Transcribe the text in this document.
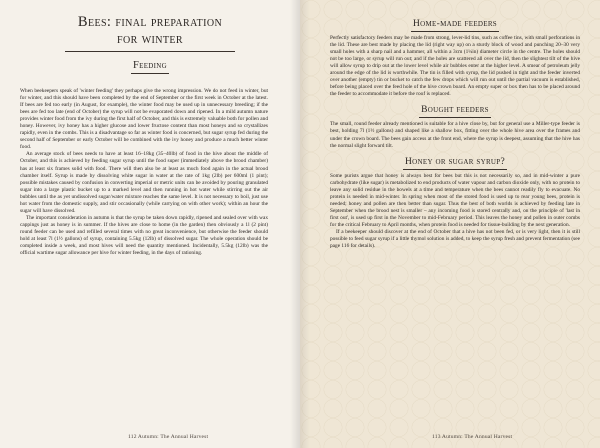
Bees: final preparation
for winter
Feeding

When beekeepers speak of 'winter feeding' they perhaps give the wrong impression. We do not feed in winter, but for winter, and this should have been completed by the end of September or the first week in October at the latest. If bees are fed too early (in August, for example), the winter food may be used up in unnecessary breeding; if the bees are fed too late (end of October) the syrup will not be evaporated down and ripened. In a mild autumn nature provides winter food from the ivy during the first half of October, and this is extremely valuable both for pollen and honey. However, ivy honey has a higher glucose and lower fructose content than most honeys and so crystallizes rapidly, even in the combs. This is a disadvantage so far as winter food is concerned, but sugar syrup fed during the second half of September or early October will be combined with the ivy honey and produce a much better winter food.

An average stock of bees needs to have at least 16–18kg (35–40lb) of food in the hive about the middle of October, and this is achieved by feeding sugar syrup until the food super (immediately above the brood chamber) has at least six frames solid with food. There will then also be at least as much food again in the actual brood chamber itself. Syrup is made by dissolving white sugar in water at the rate of 1kg (2lb) per 600ml (1 pint); possible mistakes caused by confusion in converting imperial or metric units can be avoided by pouring granulated sugar into a large plastic bucket up to a marked level and then running in hot water while stirring out the air bubbles until the as yet undissolved sugar/water mixture reaches the same level. It is not necessary to boil, just use hot water from the domestic supply, and stir occasionally (while carrying on with other work); within an hour the sugar will have dissolved.

The important consideration in autumn is that the syrup be taken down rapidly, ripened and sealed over with wax cappings just as honey is in summer. If the hives are close to home (in the garden) then obviously a 1l (2 pint) round feeder can be used and refilled several times with no great inconvenience, but otherwise the feeder should hold at least 7l (1½ gallons) of syrup, containing 5.5kg (12lb) of dissolved sugar. The whole operation should be completed inside a week, and most hives will need the quantity mentioned. Incidentally, 5.5kg (12lb) was the official wartime sugar allowance per hive for winter feeding, in the days of rationing.

112 Autumn: The Annual Harvest
Home-made feeders

Perfectly satisfactory feeders may be made from strong, lever-lid tins, such as coffee tins, with small perforations in the lid. These are best made by placing the lid (right way up) on a sturdy block of wood and punching 20–30 very small holes with a sharp nail and a hammer, all within a 3cm (1¼in) diameter circle in the centre. The holes should not be too large, or syrup will run out; and if the holes are scattered all over the lid, then the slightest tilt of the hive will allow syrup to drip out at the lower level while air bubbles enter at the higher level. A smear of petroleum jelly around the edge of the lid is worthwhile. The tin is filled with syrup, the lid pushed in tight and the feeder inverted over another (empty) tin or bucket to catch the few drops which will run out until the partial vacuum is established, before being placed over the feed hole of the hive crown board. An empty super or box then has to be placed around the feeder to accommodate it before the roof is replaced.

Bought feeders

The small, round feeder already mentioned is suitable for a hive close by, but for general use a Miller-type feeder is best, holding 7l (1½ gallons) and shaped like a shallow box, fitting over the whole hive area over the frames and under the crown board. The bees gain access at the front end, where the syrup is deepest, assuming that the hive has the normal slight forward tilt.

Honey or sugar syrup?

Some purists argue that honey is always best for bees but this is not necessarily so, and in mid-winter a pure carbohydrate (like sugar) is metabolized to end products of water vapour and carbon dioxide only, with no protein to leave any solid residue in the bowels at a time and temperature when the bees cannot readily fly to evacuate. No protein is needed in mid-winter. In spring when most of the stored food is used up to rear young bees, protein is needed; honey and pollen are then better than sugar. Thus the best of both worlds is achieved by feeding late in September when the brood nest is smaller – any incoming food is stored centrally and, on the principle of 'last in first out', is used up first in the November to mid-February period. This leaves the honey and pollen in outer combs for the critical February to April months, when protein food is needed for tissue-building by the next generation.

If a beekeeper should discover at the end of October that a hive has not been fed, or is very light, then it is still possible to feed sugar syrup if a little thymol solution is added, to keep the syrup fresh and prevent fermentation (see page 116 for details).

113 Autumn: The Annual Harvest
